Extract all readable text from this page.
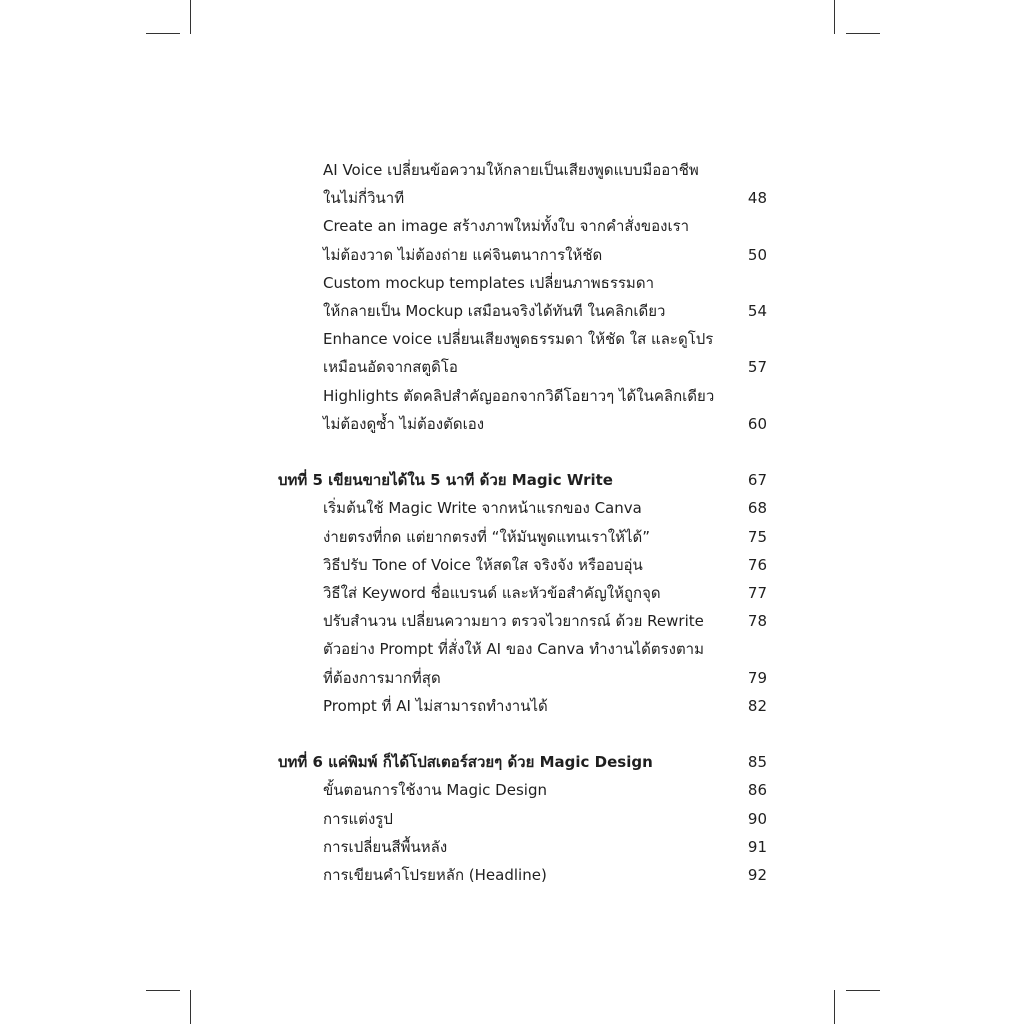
AI Voice เปลี่ยนข้อความให้กลายเป็นเสียงพูดแบบมืออาชีพ
ในไม่กี่วินาที	48
Create an image สร้างภาพใหม่ทั้งใบ จากคำสั่งของเรา
ไม่ต้องวาด ไม่ต้องถ่าย แค่จินตนาการให้ชัด	50
Custom mockup templates เปลี่ยนภาพธรรมดา
ให้กลายเป็น Mockup เสมือนจริงได้ทันที ในคลิกเดียว	54
Enhance voice เปลี่ยนเสียงพูดธรรมดา ให้ชัด ใส และดูโปร
เหมือนอัดจากสตูดิโอ	57
Highlights ตัดคลิปสำคัญออกจากวิดีโอยาวๆ ได้ในคลิกเดียว
ไม่ต้องดูซ้ำ ไม่ต้องตัดเอง	60
บทที่ 5 เขียนขายได้ใน 5 นาที ด้วย Magic Write	67
เริ่มต้นใช้ Magic Write จากหน้าแรกของ Canva	68
ง่ายตรงที่กด แต่ยากตรงที่ “ให้มันพูดแทนเราให้ได้”	75
วิธีปรับ Tone of Voice ให้สดใส จริงจัง หรืออบอุ่น	76
วิธีใส่ Keyword ชื่อแบรนด์ และหัวข้อสำคัญให้ถูกจุด	77
ปรับสำนวน เปลี่ยนความยาว ตรวจไวยากรณ์ ด้วย Rewrite	78
ตัวอย่าง Prompt ที่สั่งให้ AI ของ Canva ทำงานได้ตรงตาม
ที่ต้องการมากที่สุด	79
Prompt ที่ AI ไม่สามารถทำงานได้	82
บทที่ 6 แค่พิมพ์ ก็ได้โปสเตอร์สวยๆ ด้วย Magic Design	85
ขั้นตอนการใช้งาน Magic Design	86
การแต่งรูป	90
การเปลี่ยนสีพื้นหลัง	91
การเขียนคำโปรยหลัก (Headline)	92
